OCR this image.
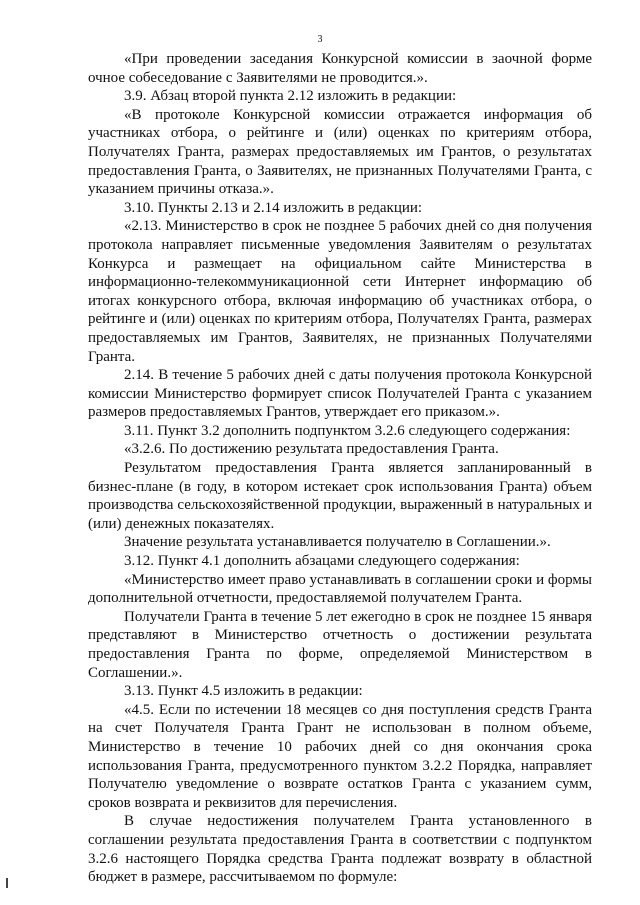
3

«При проведении заседания Конкурсной комиссии в заочной форме очное собеседование с Заявителями не проводится.».

3.9. Абзац второй пункта 2.12 изложить в редакции:

«В протоколе Конкурсной комиссии отражается информация об участниках отбора, о рейтинге и (или) оценках по критериям отбора, Получателях Гранта, размерах предоставляемых им Грантов, о результатах предоставления Гранта, о Заявителях, не признанных Получателями Гранта, с указанием причины отказа.».

3.10. Пункты 2.13 и 2.14 изложить в редакции:

«2.13. Министерство в срок не позднее 5 рабочих дней со дня получения протокола направляет письменные уведомления Заявителям о результатах Конкурса и размещает на официальном сайте Министерства в информационно-телекоммуникационной сети Интернет информацию об итогах конкурсного отбора, включая информацию об участниках отбора, о рейтинге и (или) оценках по критериям отбора, Получателях Гранта, размерах предоставляемых им Грантов, Заявителях, не признанных Получателями Гранта.

2.14. В течение 5 рабочих дней с даты получения протокола Конкурсной комиссии Министерство формирует список Получателей Гранта с указанием размеров предоставляемых Грантов, утверждает его приказом.».

3.11. Пункт 3.2 дополнить подпунктом 3.2.6 следующего содержания:

«3.2.6. По достижению результата предоставления Гранта.

Результатом предоставления Гранта является запланированный в бизнес-плане (в году, в котором истекает срок использования Гранта) объем производства сельскохозяйственной продукции, выраженный в натуральных и (или) денежных показателях.

Значение результата устанавливается получателю в Соглашении.».

3.12. Пункт 4.1 дополнить абзацами следующего содержания:

«Министерство имеет право устанавливать в соглашении сроки и формы дополнительной отчетности, предоставляемой получателем Гранта.

Получатели Гранта в течение 5 лет ежегодно в срок не позднее 15 января представляют в Министерство отчетность о достижении результата предоставления Гранта по форме, определяемой Министерством в Соглашении.».

3.13. Пункт 4.5 изложить в редакции:

«4.5. Если по истечении 18 месяцев со дня поступления средств Гранта на счет Получателя Гранта Грант не использован в полном объеме, Министерство в течение 10 рабочих дней со дня окончания срока использования Гранта, предусмотренного пунктом 3.2.2 Порядка, направляет Получателю уведомление о возврате остатков Гранта с указанием сумм, сроков возврата и реквизитов для перечисления.

В случае недостижения получателем Гранта установленного в соглашении результата предоставления Гранта в соответствии с подпунктом 3.2.6 настоящего Порядка средства Гранта подлежат возврату в областной бюджет в размере, рассчитываемом по формуле:
